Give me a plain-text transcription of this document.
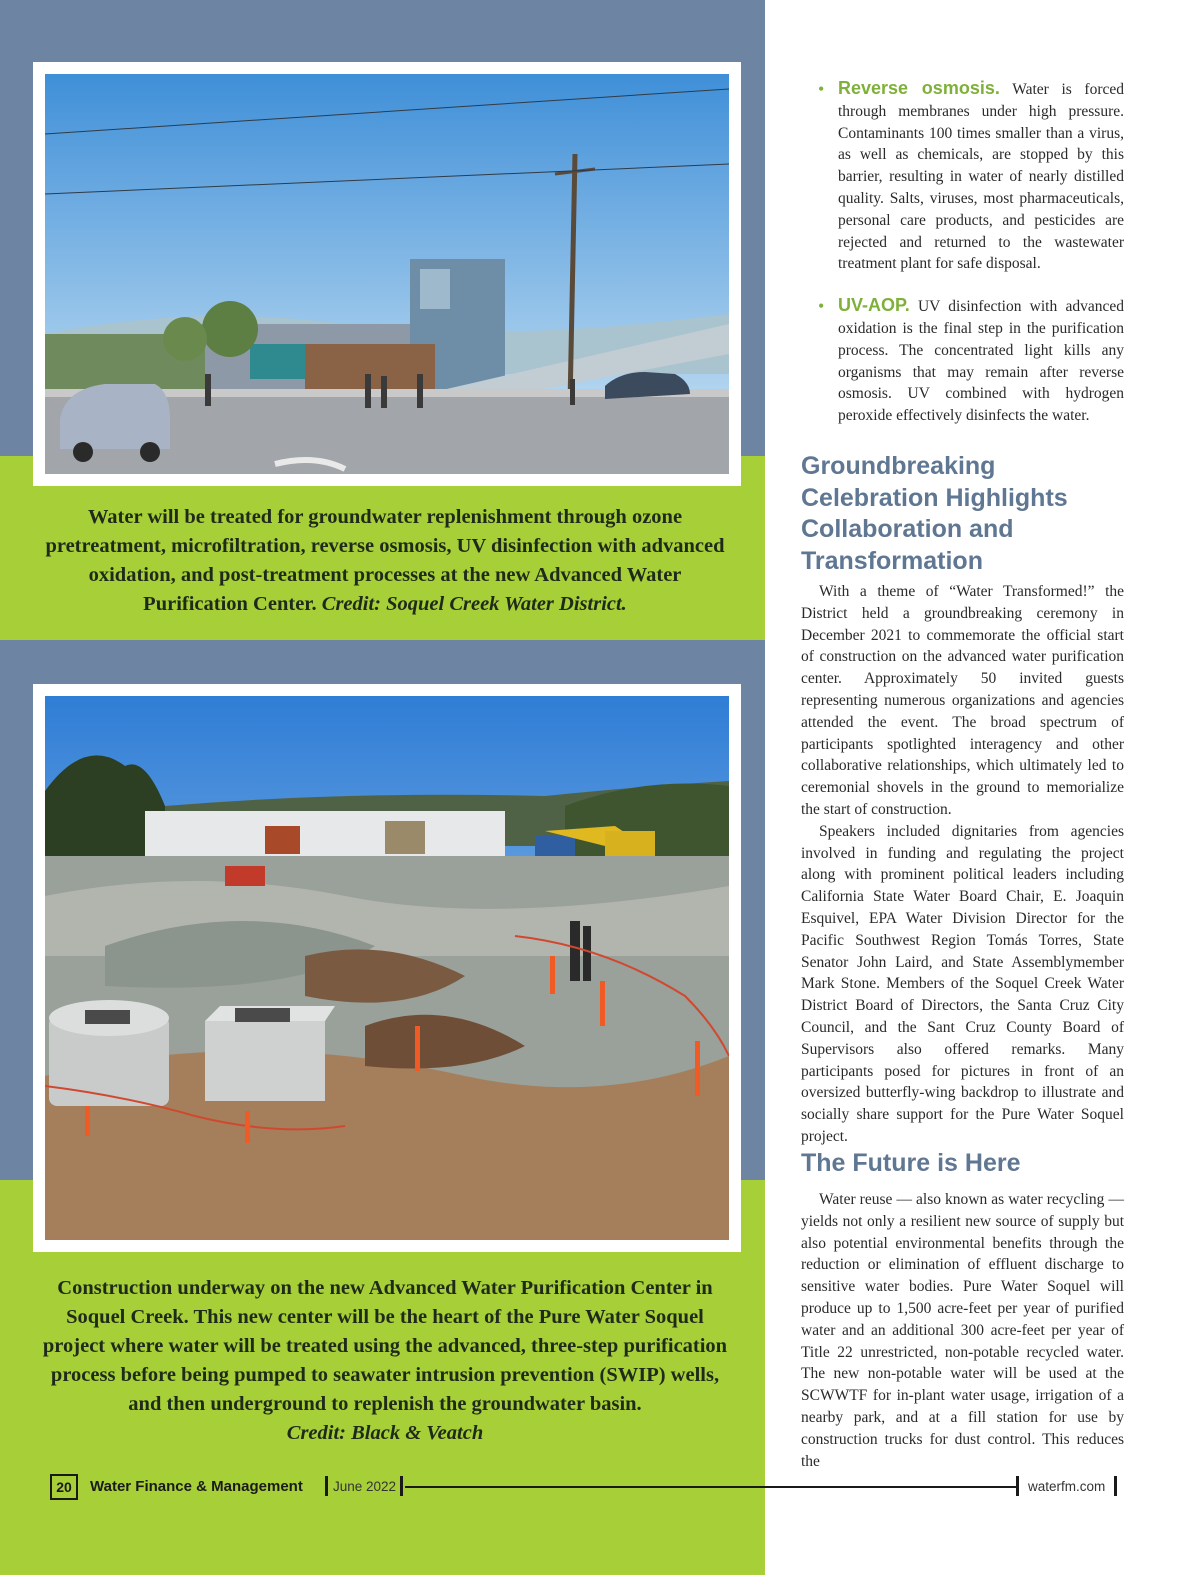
Water will be treated for groundwater replenishment through ozone pretreatment, microfiltration, reverse osmosis, UV disinfection with advanced oxidation, and post-treatment processes at the new Advanced Water Purification Center. Credit: Soquel Creek Water District.
Construction underway on the new Advanced Water Purification Center in Soquel Creek. This new center will be the heart of the Pure Water Soquel project where water will be treated using the advanced, three-step purification process before being pumped to seawater intrusion prevention (SWIP) wells, and then underground to replenish the groundwater basin.
Credit: Black & Veatch
• Reverse osmosis. Water is forced through membranes under high pressure. Contaminants 100 times smaller than a virus, as well as chemicals, are stopped by this barrier, resulting in water of nearly distilled quality. Salts, viruses, most pharmaceuticals, personal care products, and pesticides are rejected and returned to the wastewater treatment plant for safe disposal.
• UV-AOP. UV disinfection with advanced oxidation is the final step in the purification process. The concentrated light kills any organisms that may remain after reverse osmosis. UV combined with hydrogen peroxide effectively disinfects the water.
Groundbreaking Celebration Highlights Collaboration and Transformation

With a theme of “Water Transformed!” the District held a groundbreaking ceremony in December 2021 to commemorate the official start of construction on the advanced water purification center. Approximately 50 invited guests representing numerous organizations and agencies attended the event. The broad spectrum of participants spotlighted interagency and other collaborative relationships, which ultimately led to ceremonial shovels in the ground to memorialize the start of construction.

Speakers included dignitaries from agencies involved in funding and regulating the project along with prominent political leaders including California State Water Board Chair, E. Joaquin Esquivel, EPA Water Division Director for the Pacific Southwest Region Tomás Torres, State Senator John Laird, and State Assemblymember Mark Stone. Members of the Soquel Creek Water District Board of Directors, the Santa Cruz City Council, and the Sant Cruz County Board of Supervisors also offered remarks. Many participants posed for pictures in front of an oversized butterfly-wing backdrop to illustrate and socially share support for the Pure Water Soquel project.

The Future is Here

Water reuse — also known as water recycling — yields not only a resilient new source of supply but also potential environmental benefits through the reduction or elimination of effluent discharge to sensitive water bodies. Pure Water Soquel will produce up to 1,500 acre-feet per year of purified water and an additional 300 acre-feet per year of Title 22 unrestricted, non-potable recycled water. The new non-potable water will be used at the SCWWTF for in-plant water usage, irrigation of a nearby park, and at a fill station for use by construction trucks for dust control. This reduces the

20	Water Finance & Management June 2022	waterfm.com
